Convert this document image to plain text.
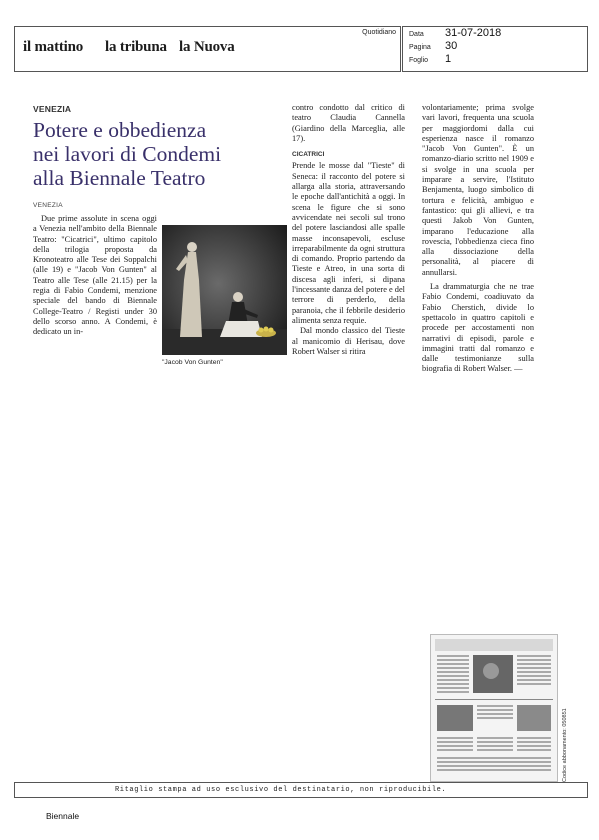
Quotidiano
il mattino la tribuna la Nuova
Data 31-07-2018
Pagina 30
Foglio 1
VENEZIA
Potere e obbedienza
nei lavori di Condemi
alla Biennale Teatro
VENEZIA

Due prime assolute in scena oggi a Venezia nell'ambito della Biennale Teatro: "Cicatrici", ultimo capitolo della trilogia proposta da Kronoteatro alle Tese dei Soppalchi (alle 19) e "Jacob Von Gunten" al Teatro alle Tese (alle 21.15) per la regia di Fabio Condemi, menzione speciale del bando di Biennale College-Teatro / Registi under 30 dello scorso anno. A Condemi, è dedicato un in-

"Jacob Von Gunten"

contro condotto dal critico di teatro Claudia Cannella (Giardino della Marceglia, alle 17).

CICATRICI

Prende le mosse dal "Tieste" di Seneca: il racconto del potere si allarga alla storia, attraversando le epoche dall'antichità a oggi. In scena le figure che si sono avvicendate nei secoli sul trono del potere lasciandosi alle spalle masse inconsapevoli, escluse irreparabilmente da ogni struttura di comando. Proprio partendo da Tieste e Atreo, in una sorta di discesa agli inferi, si dipana l'incessante danza del potere e del terrore di perderlo, della paranoia, che il febbrile desiderio alimenta senza requie.

Dal mondo classico del Tieste al manicomio di Herisau, dove Robert Walser si ritira

volontariamente; prima svolge vari lavori, frequenta una scuola per maggiordomi dalla cui esperienza nasce il romanzo "Jacob Von Gunten". È un romanzo-diario scritto nel 1909 e si svolge in una scuola per imparare a servire, l'Istituto Benjamenta, luogo simbolico di tortura e felicità, ambiguo e fantastico: qui gli allievi, e tra questi Jakob Von Gunten, imparano l'educazione alla rovescia, l'obbedienza cieca fino alla dissociazione della personalità, al piacere di annullarsi.

La drammaturgia che ne trae Fabio Condemi, coadiuvato da Fabio Cherstich, divide lo spettacolo in quattro capitoli e procede per accostamenti non narrativi di episodi, parole e immagini tratti dal romanzo e dalle testimonianze sulla biografia di Robert Walser. —

Codice abbonamento: 050851
Ritaglio stampa ad uso esclusivo del destinatario, non riproducibile.
Biennale
